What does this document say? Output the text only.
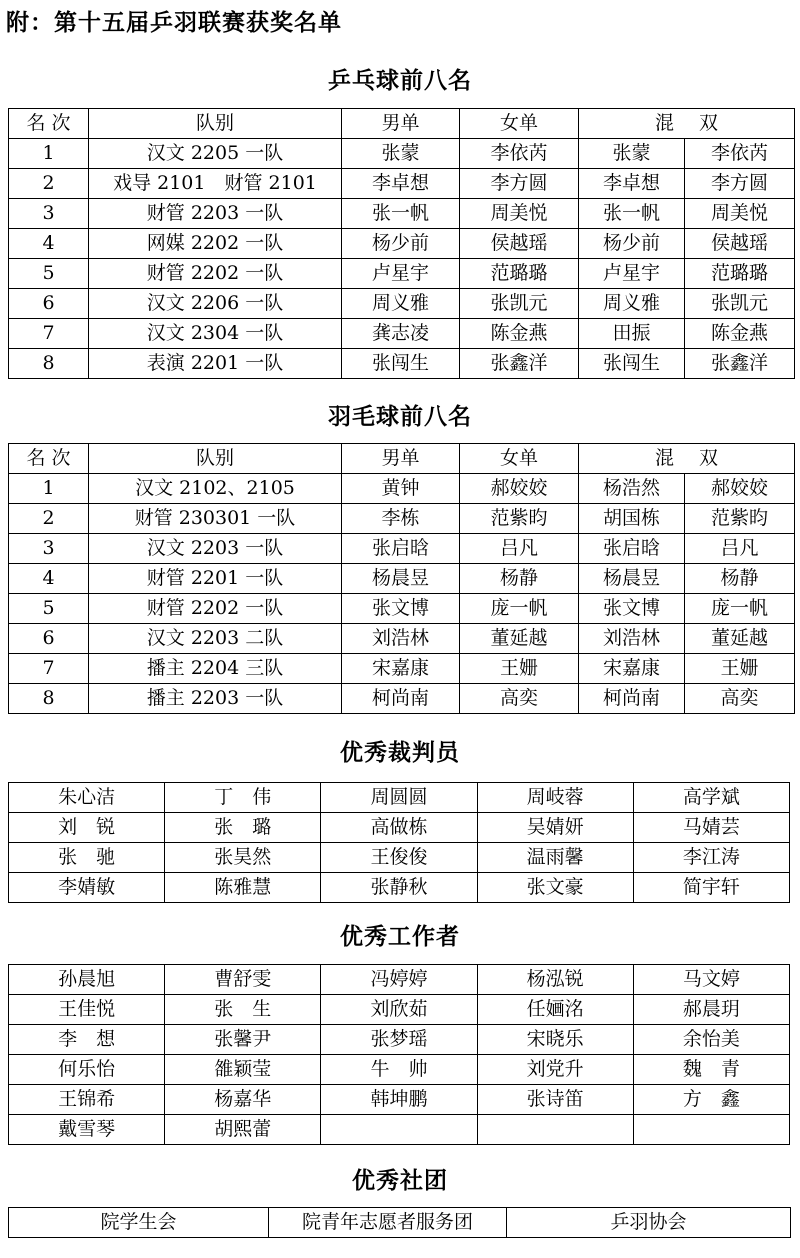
附：第十五届乒羽联赛获奖名单
乒乓球前八名
名 次	队别	男单	女单	混　 双	
1	汉文 2205 一队	张蒙	李依芮	张蒙	李依芮
2	戏导 2101　财管 2101	李卓想	李方圆	李卓想	李方圆
3	财管 2203 一队	张一帆	周美悦	张一帆	周美悦
4	网媒 2202 一队	杨少前	侯越瑶	杨少前	侯越瑶
5	财管 2202 一队	卢星宇	范璐璐	卢星宇	范璐璐
6	汉文 2206 一队	周义雅	张凯元	周义雅	张凯元
7	汉文 2304 一队	龚志凌	陈金燕	田振	陈金燕
8	表演 2201 一队	张闯生	张鑫洋	张闯生	张鑫洋
羽毛球前八名
名 次	队别	男单	女单	混　 双	
1	汉文 2102、2105	黄钟	郝姣姣	杨浩然	郝姣姣
2	财管 230301 一队	李栋	范紫昀	胡国栋	范紫昀
3	汉文 2203 一队	张启晗	吕凡	张启晗	吕凡
4	财管 2201 一队	杨晨昱	杨静	杨晨昱	杨静
5	财管 2202 一队	张文博	庞一帆	张文博	庞一帆
6	汉文 2203 二队	刘浩林	董延越	刘浩林	董延越
7	播主 2204 三队	宋嘉康	王姗	宋嘉康	王姗
8	播主 2203 一队	柯尚南	高奕	柯尚南	高奕
优秀裁判员
朱心洁	丁　伟	周圆圆	周岐蓉	高学斌
刘　锐	张　璐	高做栋	吴婧妍	马婧芸
张　驰	张昊然	王俊俊	温雨馨	李江涛
李婧敏	陈雅慧	张静秋	张文豪	简宇轩
优秀工作者
孙晨旭	曹舒雯	冯婷婷	杨泓锐	马文婷
王佳悦	张　生	刘欣茹	任婳洺	郝晨玥
李　想	张馨尹	张梦瑶	宋晓乐	余怡美
何乐怡	雒颖莹	牛　帅	刘党升	魏　青
王锦希	杨嘉华	韩坤鹏	张诗笛	方　鑫
戴雪琴	胡熙蕾			
优秀社团
院学生会	院青年志愿者服务团	乒羽协会
